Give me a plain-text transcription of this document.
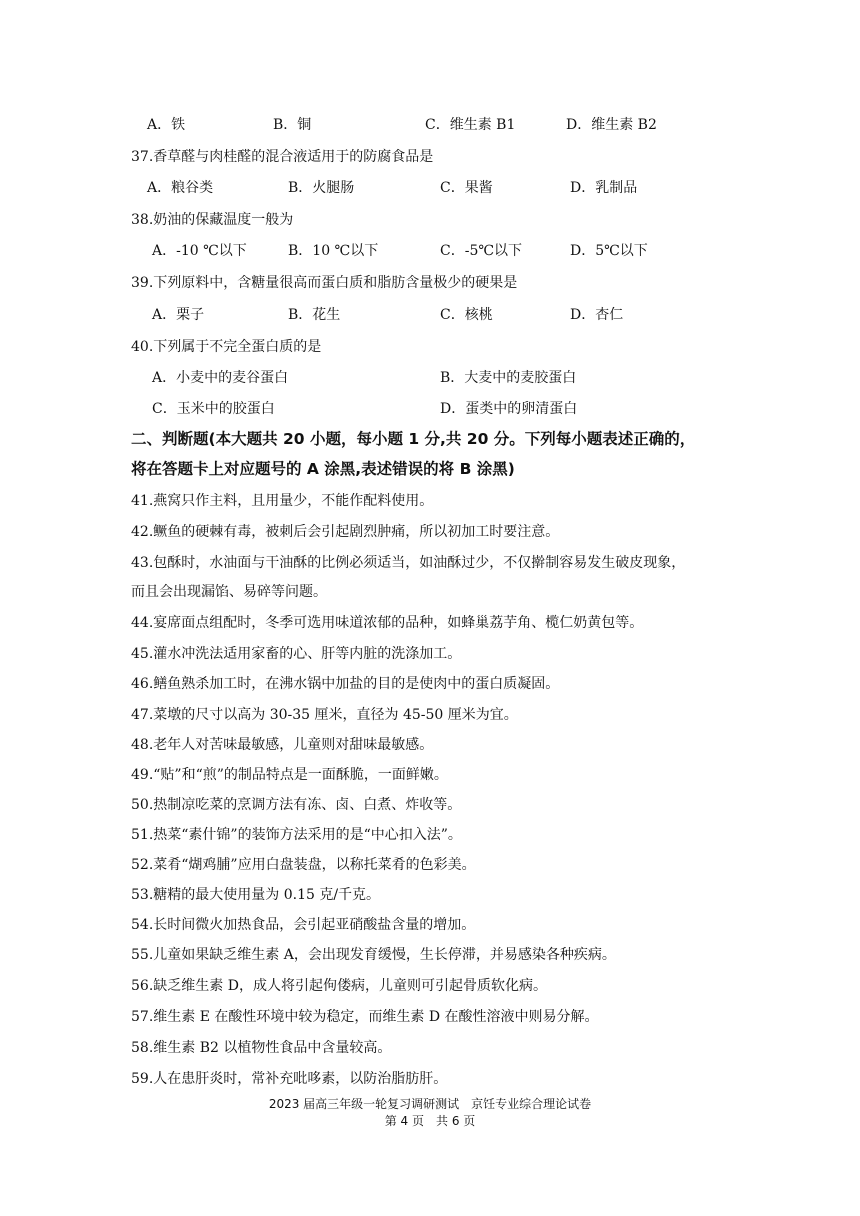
A．铁	B．铜	C．维生素 B1	D．维生素 B2
37.香草醛与肉桂醛的混合液适用于的防腐食品是
A．粮谷类	B．火腿肠	C．果酱	D．乳制品
38.奶油的保藏温度一般为
A．-10 ℃以下	B．10 ℃以下	C．-5℃以下	D．5℃以下
39.下列原料中，含糖量很高而蛋白质和脂肪含量极少的硬果是
A．栗子	B．花生	C．核桃	D．杏仁
40.下列属于不完全蛋白质的是
A．小麦中的麦谷蛋白	B．大麦中的麦胶蛋白
C．玉米中的胶蛋白	D．蛋类中的卵清蛋白
二、判断题(本大题共 20 小题，每小题 1 分,共 20 分。下列每小题表述正确的，
将在答题卡上对应题号的 A 涂黑,表述错误的将 B 涂黑)
41.燕窝只作主料，且用量少，不能作配料使用。
42.鳜鱼的硬棘有毒，被刺后会引起剧烈肿痛，所以初加工时要注意。
43.包酥时，水油面与干油酥的比例必须适当，如油酥过少，不仅擀制容易发生破皮现象，
而且会出现漏馅、易碎等问题。
44.宴席面点组配时，冬季可选用味道浓郁的品种，如蜂巢荔芋角、榄仁奶黄包等。
45.灌水冲洗法适用家畜的心、肝等内脏的洗涤加工。
46.鳝鱼熟杀加工时，在沸水锅中加盐的目的是使肉中的蛋白质凝固。
47.菜墩的尺寸以高为 30-35 厘米，直径为 45-50 厘米为宜。
48.老年人对苦味最敏感，儿童则对甜味最敏感。
49.“贴”和“煎”的制品特点是一面酥脆，一面鲜嫩。
50.热制凉吃菜的烹调方法有冻、卤、白煮、炸收等。
51.热菜“素什锦”的装饰方法采用的是“中心扣入法”。
52.菜肴“煳鸡脯”应用白盘装盘，以称托菜肴的色彩美。
53.糖精的最大使用量为 0.15 克/千克。
54.长时间微火加热食品，会引起亚硝酸盐含量的增加。
55.儿童如果缺乏维生素 A，会出现发育缓慢，生长停滞，并易感染各种疾病。
56.缺乏维生素 D，成人将引起佝偻病，儿童则可引起骨质软化病。
57.维生素 E 在酸性环境中较为稳定，而维生素 D 在酸性溶液中则易分解。
58.维生素 B2 以植物性食品中含量较高。
59.人在患肝炎时，常补充吡哆素，以防治脂肪肝。
2023 届高三年级一轮复习调研测试　京饪专业综合理论试卷
第 4 页　共 6 页
